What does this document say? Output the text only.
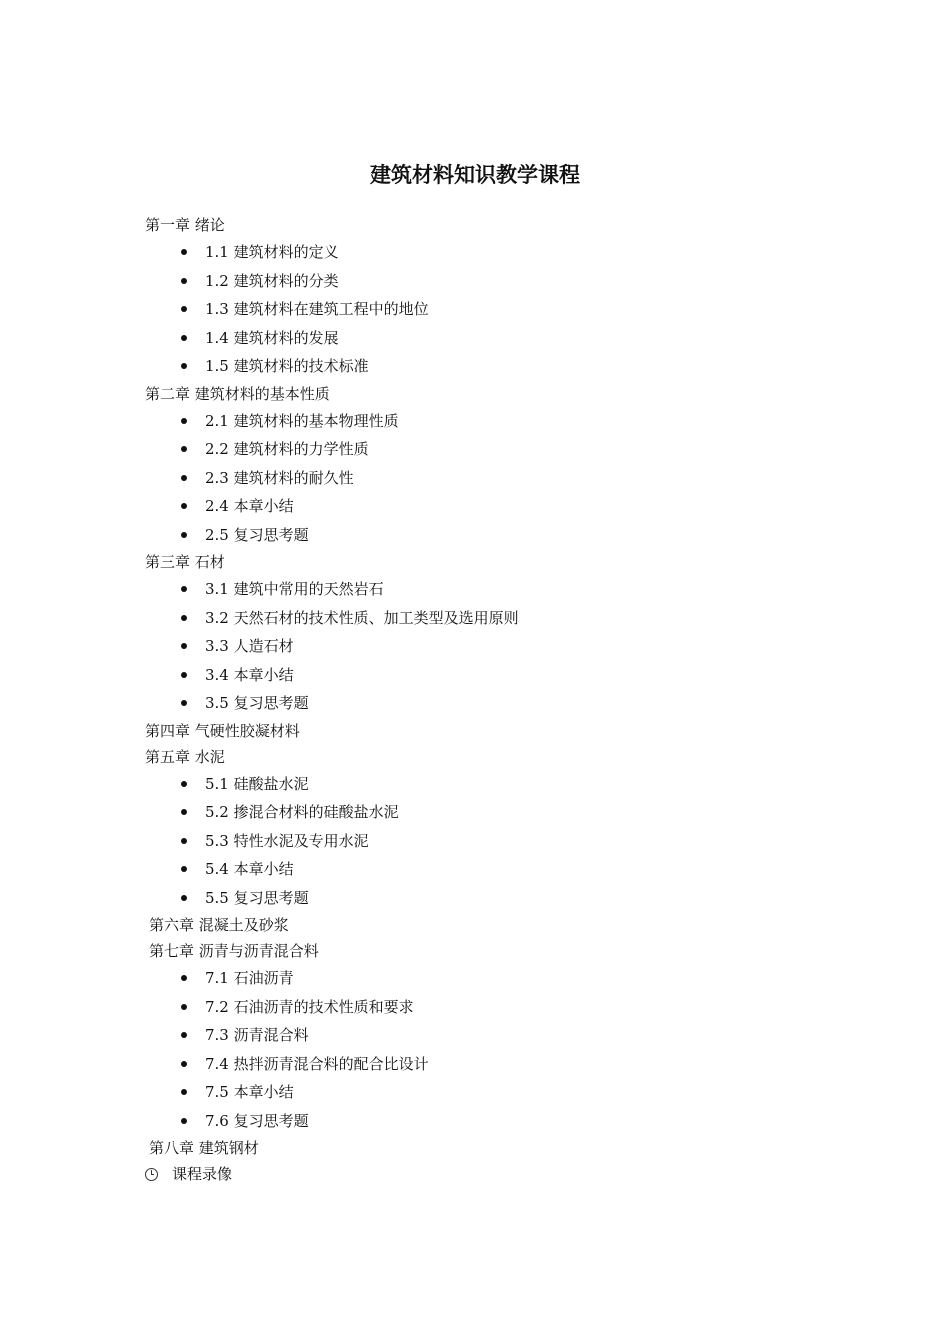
建筑材料知识教学课程
第一章 绪论
1.1 建筑材料的定义
1.2 建筑材料的分类
1.3 建筑材料在建筑工程中的地位
1.4 建筑材料的发展
1.5 建筑材料的技术标准
第二章 建筑材料的基本性质
2.1 建筑材料的基本物理性质
2.2 建筑材料的力学性质
2.3 建筑材料的耐久性
2.4 本章小结
2.5 复习思考题
第三章 石材
3.1 建筑中常用的天然岩石
3.2 天然石材的技术性质、加工类型及选用原则
3.3 人造石材
3.4 本章小结
3.5 复习思考题
第四章 气硬性胶凝材料
第五章 水泥
5.1 硅酸盐水泥
5.2 掺混合材料的硅酸盐水泥
5.3 特性水泥及专用水泥
5.4 本章小结
5.5 复习思考题
第六章 混凝土及砂浆
第七章 沥青与沥青混合料
7.1 石油沥青
7.2 石油沥青的技术性质和要求
7.3 沥青混合料
7.4 热拌沥青混合料的配合比设计
7.5 本章小结
7.6 复习思考题
第八章 建筑钢材
课程录像
